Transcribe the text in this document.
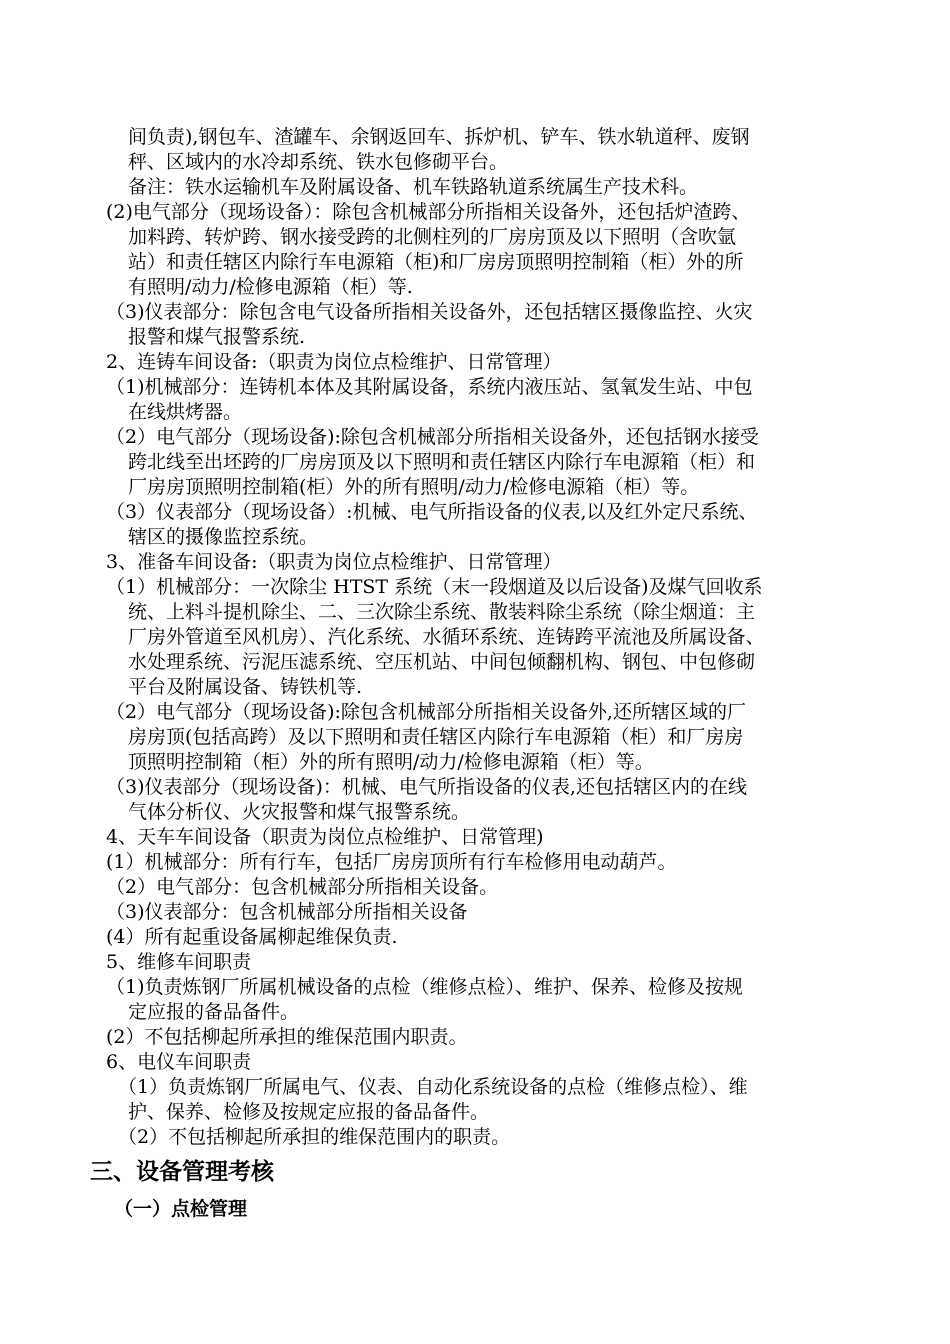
间负责),钢包车、渣罐车、余钢返回车、拆炉机、铲车、铁水轨道秤、废钢
秤、区域内的水冷却系统、铁水包修砌平台。
备注：铁水运输机车及附属设备、机车铁路轨道系统属生产技术科。
(2)电气部分（现场设备）：除包含机械部分所指相关设备外，还包括炉渣跨、
加料跨、转炉跨、钢水接受跨的北侧柱列的厂房房顶及以下照明（含吹氩
站）和责任辖区内除行车电源箱（柜)和厂房房顶照明控制箱（柜）外的所
有照明/动力/检修电源箱（柜）等.
（3)仪表部分：除包含电气设备所指相关设备外，还包括辖区摄像监控、火灾
报警和煤气报警系统.
2、连铸车间设备:（职责为岗位点检维护、日常管理）
（1)机械部分：连铸机本体及其附属设备，系统内液压站、氢氧发生站、中包
在线烘烤器。
（2）电气部分（现场设备):除包含机械部分所指相关设备外，还包括钢水接受
跨北线至出坯跨的厂房房顶及以下照明和责任辖区内除行车电源箱（柜）和
厂房房顶照明控制箱(柜）外的所有照明/动力/检修电源箱（柜）等。
（3）仪表部分（现场设备）:机械、电气所指设备的仪表,以及红外定尺系统、
辖区的摄像监控系统。
3、准备车间设备:（职责为岗位点检维护、日常管理）
（1）机械部分：一次除尘 HTST 系统（末一段烟道及以后设备)及煤气回收系
统、上料斗提机除尘、二、三次除尘系统、散装料除尘系统（除尘烟道：主
厂房外管道至风机房）、汽化系统、水循环系统、连铸跨平流池及所属设备、
水处理系统、污泥压滤系统、空压机站、中间包倾翻机构、钢包、中包修砌
平台及附属设备、铸铁机等.
（2）电气部分（现场设备):除包含机械部分所指相关设备外,还所辖区域的厂
房房顶(包括高跨）及以下照明和责任辖区内除行车电源箱（柜）和厂房房
顶照明控制箱（柜）外的所有照明/动力/检修电源箱（柜）等。
（3)仪表部分（现场设备)：机械、电气所指设备的仪表,还包括辖区内的在线
气体分析仪、火灾报警和煤气报警系统。
4、天车车间设备（职责为岗位点检维护、日常管理)
(1）机械部分：所有行车，包括厂房房顶所有行车检修用电动葫芦。
（2）电气部分：包含机械部分所指相关设备。
（3)仪表部分：包含机械部分所指相关设备
(4）所有起重设备属柳起维保负责.
5、维修车间职责
（1)负责炼钢厂所属机械设备的点检（维修点检）、维护、保养、检修及按规
定应报的备品备件。
(2）不包括柳起所承担的维保范围内职责。
6、电仪车间职责
（1）负责炼钢厂所属电气、仪表、自动化系统设备的点检（维修点检）、维
护、保养、检修及按规定应报的备品备件。
（2）不包括柳起所承担的维保范围内的职责。
三、设备管理考核
（一）点检管理
